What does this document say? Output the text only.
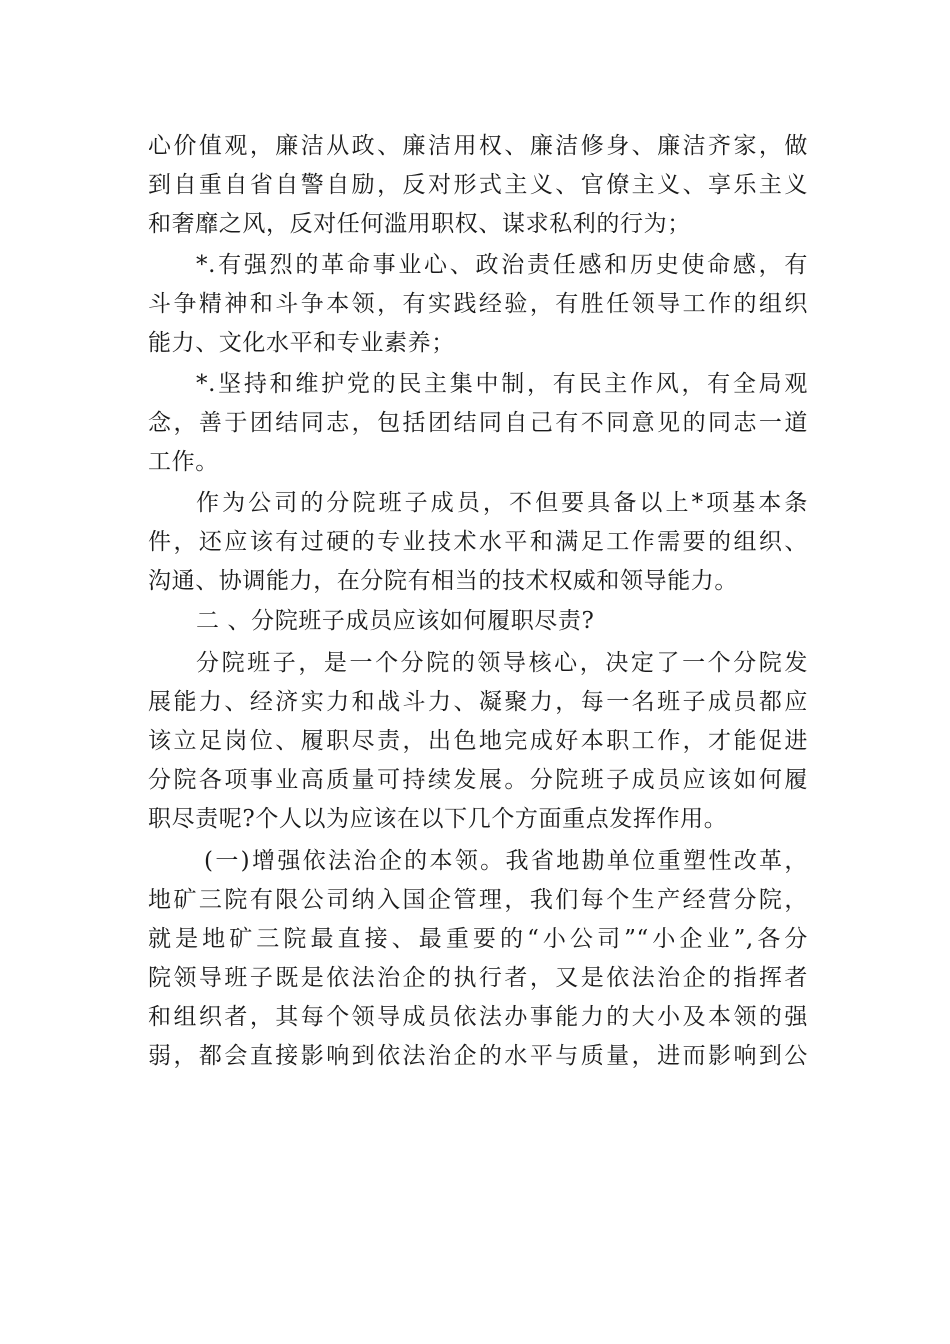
心价值观，廉洁从政、廉洁用权、廉洁修身、廉洁齐家，做
到自重自省自警自励，反对形式主义、官僚主义、享乐主义
和奢靡之风，反对任何滥用职权、谋求私利的行为；
*.有强烈的革命事业心、政治责任感和历史使命感，有
斗争精神和斗争本领，有实践经验，有胜任领导工作的组织
能力、文化水平和专业素养；
*.坚持和维护党的民主集中制，有民主作风，有全局观
念，善于团结同志，包括团结同自己有不同意见的同志一道
工作。
作为公司的分院班子成员，不但要具备以上*项基本条
件，还应该有过硬的专业技术水平和满足工作需要的组织、
沟通、协调能力，在分院有相当的技术权威和领导能力。
二 、分院班子成员应该如何履职尽责?
分院班子，是一个分院的领导核心，决定了一个分院发
展能力、经济实力和战斗力、凝聚力，每一名班子成员都应
该立足岗位、履职尽责，出色地完成好本职工作，才能促进
分院各项事业高质量可持续发展。分院班子成员应该如何履
职尽责呢?个人以为应该在以下几个方面重点发挥作用。
(一)增强依法治企的本领。我省地勘单位重塑性改革，
地矿三院有限公司纳入国企管理，我们每个生产经营分院，
就是地矿三院最直接、最重要的“小公司”“小企业”,各分
院领导班子既是依法治企的执行者，又是依法治企的指挥者
和组织者，其每个领导成员依法办事能力的大小及本领的强
弱，都会直接影响到依法治企的水平与质量，进而影响到公
